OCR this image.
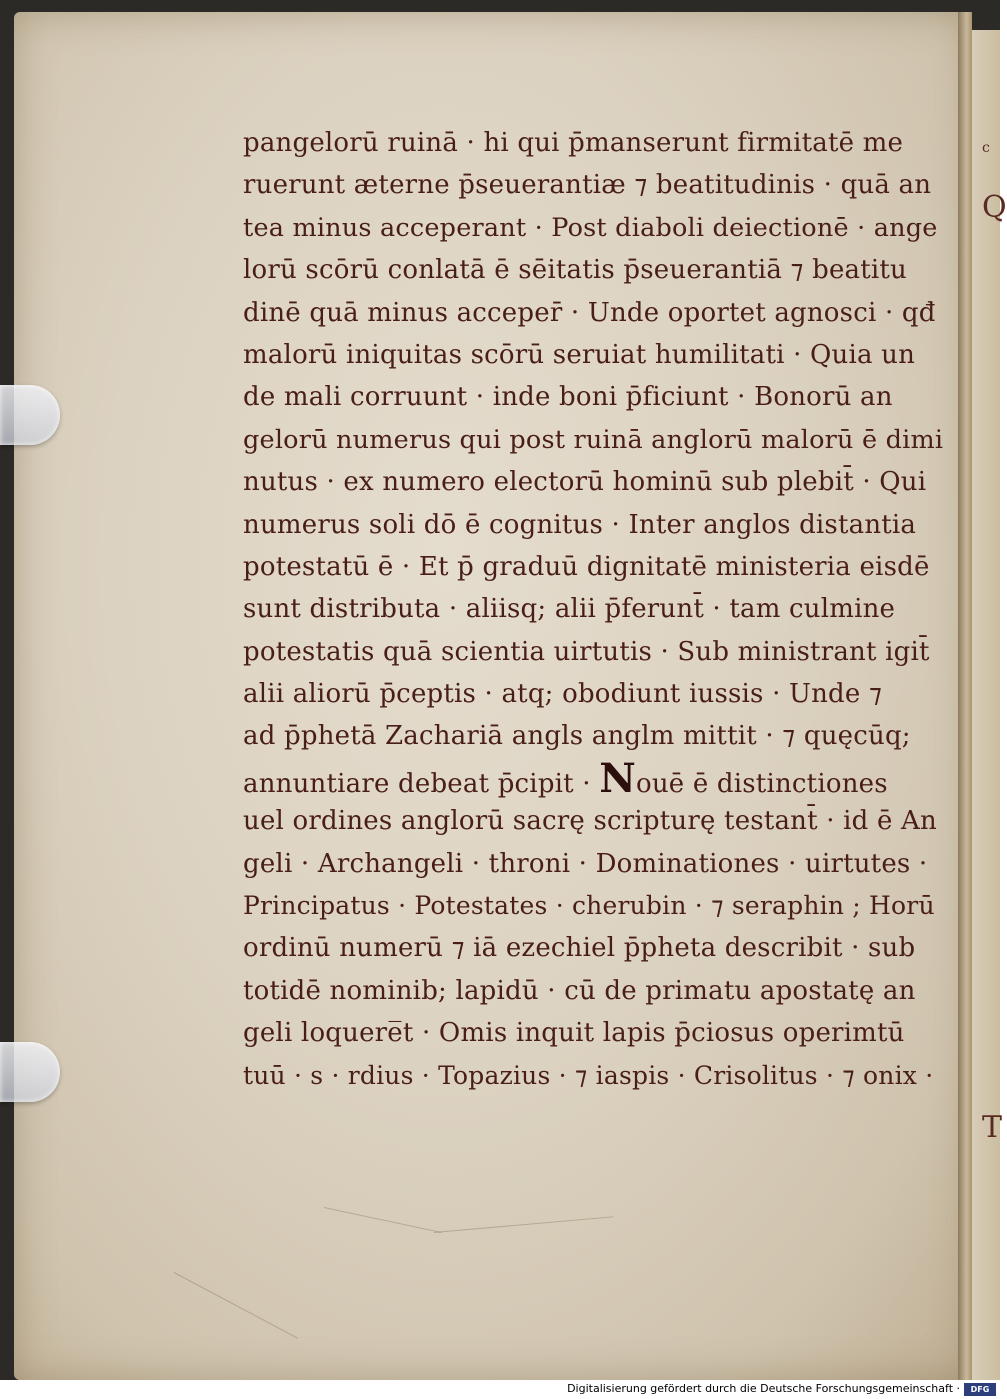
pangelorū ruinā · hi qui p̄manserunt firmitatē me
ruerunt ӕterne p̄seuerantiӕ ⁊ beatitudinis · quā an
tea minus acceperant · Post diaboli deiectionē · ange
lorū scōrū conlatā ē sēitatis p̄seuerantiā ⁊ beatitu
dinē quā minus acceper̄ · Unde oportet agnosci · qđ
malorū iniquitas scōrū seruiat humilitati · Quia un
de mali corruunt · inde boni p̄ficiunt · Bonorū an
gelorū numerus qui post ruinā anglorū malorū ē dimi
nutus · ex numero electorū hominū sub plebit̄ · Qui
numerus soli dō ē cognitus · Inter anglos distantia
potestatū ē · Et p̄ graduū dignitatē ministeria eisdē
sunt distributa · aliisq; alii p̄ferunt̄ · tam culmine
potestatis quā scientia uirtutis · Sub ministrant igit̄
alii aliorū p̄ceptis · atq; obodiunt iussis · Unde ⁊
ad p̄phetā Zachariā angls anglm mittit · ⁊ quęcūq;
annuntiare debeat p̄cipit · Nouē ē distinctiones
uel ordines anglorū sacrę scripturę testant̄ · id ē An
geli · Archangeli · throni · Dominationes · uirtutes ·
Principatus · Potestates · cherubin · ⁊ seraphin ; Horū
ordinū numerū ⁊ iā ezechiel p̄pheta describit · sub
totidē nominib; lapidū · cū de primatu apostatę an
geli loquere̅t · Omis inquit lapis p̄ciosus operimtū
tuū · s · rdius · Topazius · ⁊ iaspis · Crisolitus · ⁊ onix ·
c
Q
T
Digitalisierung gefördert durch die Deutsche Forschungsgemeinschaft ·	DFG
